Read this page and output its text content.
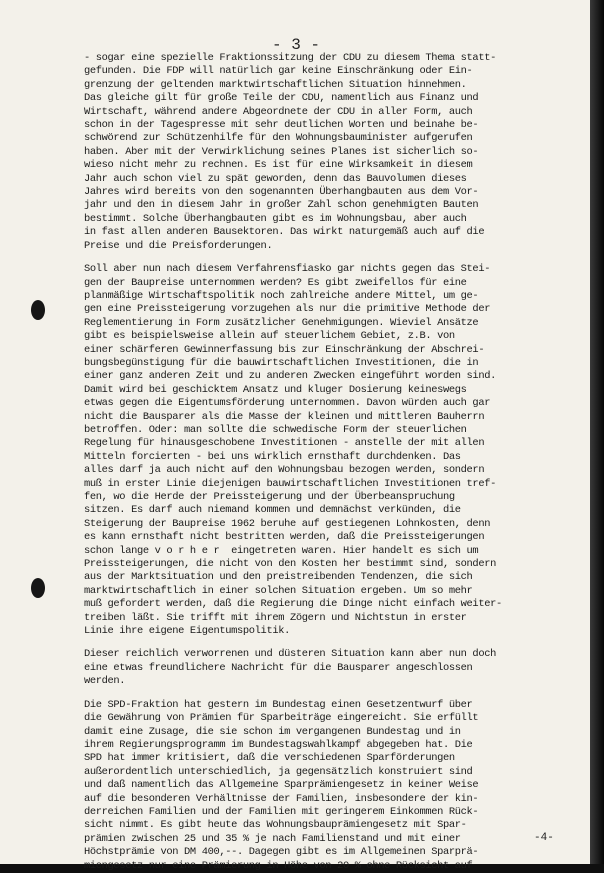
- 3 -

- sogar eine spezielle Fraktionssitzung der CDU zu diesem Thema statt-
gefunden. Die FDP will natürlich gar keine Einschränkung oder Ein-
grenzung der geltenden marktwirtschaftlichen Situation hinnehmen.
Das gleiche gilt für große Teile der CDU, namentlich aus Finanz und
Wirtschaft, während andere Abgeordnete der CDU in aller Form, auch
schon in der Tagespresse mit sehr deutlichen Worten und beinahe be-
schwörend zur Schützenhilfe für den Wohnungsbauminister aufgerufen
haben. Aber mit der Verwirklichung seines Planes ist sicherlich so-
wieso nicht mehr zu rechnen. Es ist für eine Wirksamkeit in diesem
Jahr auch schon viel zu spät geworden, denn das Bauvolumen dieses
Jahres wird bereits von den sogenannten Überhangbauten aus dem Vor-
jahr und den in diesem Jahr in großer Zahl schon genehmigten Bauten
bestimmt. Solche Überhangbauten gibt es im Wohnungsbau, aber auch
in fast allen anderen Bausektoren. Das wirkt naturgemäß auch auf die
Preise und die Preisforderungen.
Soll aber nun nach diesem Verfahrensfiasko gar nichts gegen das Stei-
gen der Baupreise unternommen werden? Es gibt zweifellos für eine
planmäßige Wirtschaftspolitik noch zahlreiche andere Mittel, um ge-
gen eine Preissteigerung vorzugehen als nur die primitive Methode der
Reglementierung in Form zusätzlicher Genehmigungen. Wieviel Ansätze
gibt es beispielsweise allein auf steuerlichem Gebiet, z.B. von
einer schärferen Gewinnerfassung bis zur Einschränkung der Abschrei-
bungsbegünstigung für die bauwirtschaftlichen Investitionen, die in
einer ganz anderen Zeit und zu anderen Zwecken eingeführt worden sind.
Damit wird bei geschicktem Ansatz und kluger Dosierung keineswegs
etwas gegen die Eigentumsförderung unternommen. Davon würden auch gar
nicht die Bausparer als die Masse der kleinen und mittleren Bauherrn
betroffen. Oder: man sollte die schwedische Form der steuerlichen
Regelung für hinausgeschobene Investitionen - anstelle der mit allen
Mitteln forcierten - bei uns wirklich ernsthaft durchdenken. Das
alles darf ja auch nicht auf den Wohnungsbau bezogen werden, sondern
muß in erster Linie diejenigen bauwirtschaftlichen Investitionen tref-
fen, wo die Herde der Preissteigerung und der Überbeanspruchung
sitzen. Es darf auch niemand kommen und demnächst verkünden, die
Steigerung der Baupreise 1962 beruhe auf gestiegenen Lohnkosten, denn
es kann ernsthaft nicht bestritten werden, daß die Preissteigerungen
schon lange v o r h e r  eingetreten waren. Hier handelt es sich um
Preissteigerungen, die nicht von den Kosten her bestimmt sind, sondern
aus der Marktsituation und den preistreibenden Tendenzen, die sich
marktwirtschaftlich in einer solchen Situation ergeben. Um so mehr
muß gefordert werden, daß die Regierung die Dinge nicht einfach weiter-
treiben läßt. Sie trifft mit ihrem Zögern und Nichtstun in erster
Linie ihre eigene Eigentumspolitik.
Dieser reichlich verworrenen und düsteren Situation kann aber nun doch
eine etwas freundlichere Nachricht für die Bausparer angeschlossen
werden.
Die SPD-Fraktion hat gestern im Bundestag einen Gesetzentwurf über
die Gewährung von Prämien für Sparbeiträge eingereicht. Sie erfüllt
damit eine Zusage, die sie schon im vergangenen Bundestag und in
ihrem Regierungsprogramm im Bundestagswahlkampf abgegeben hat. Die
SPD hat immer kritisiert, daß die verschiedenen Sparförderungen
außerordentlich unterschiedlich, ja gegensätzlich konstruiert sind
und daß namentlich das Allgemeine Sparprämiengesetz in keiner Weise
auf die besonderen Verhältnisse der Familien, insbesondere der kin-
derreichen Familien und der Familien mit geringerem Einkommen Rück-
sicht nimmt. Es gibt heute das Wohnungsbauprämiengesetz mit Spar-
prämien zwischen 25 und 35 % je nach Familienstand und mit einer
Höchstprämie von DM 400,--. Dagegen gibt es im Allgemeinen Sparprä-
miengesetz nur eine Prämierung in Höhe von 20 % ohne Rücksicht auf

-4-
